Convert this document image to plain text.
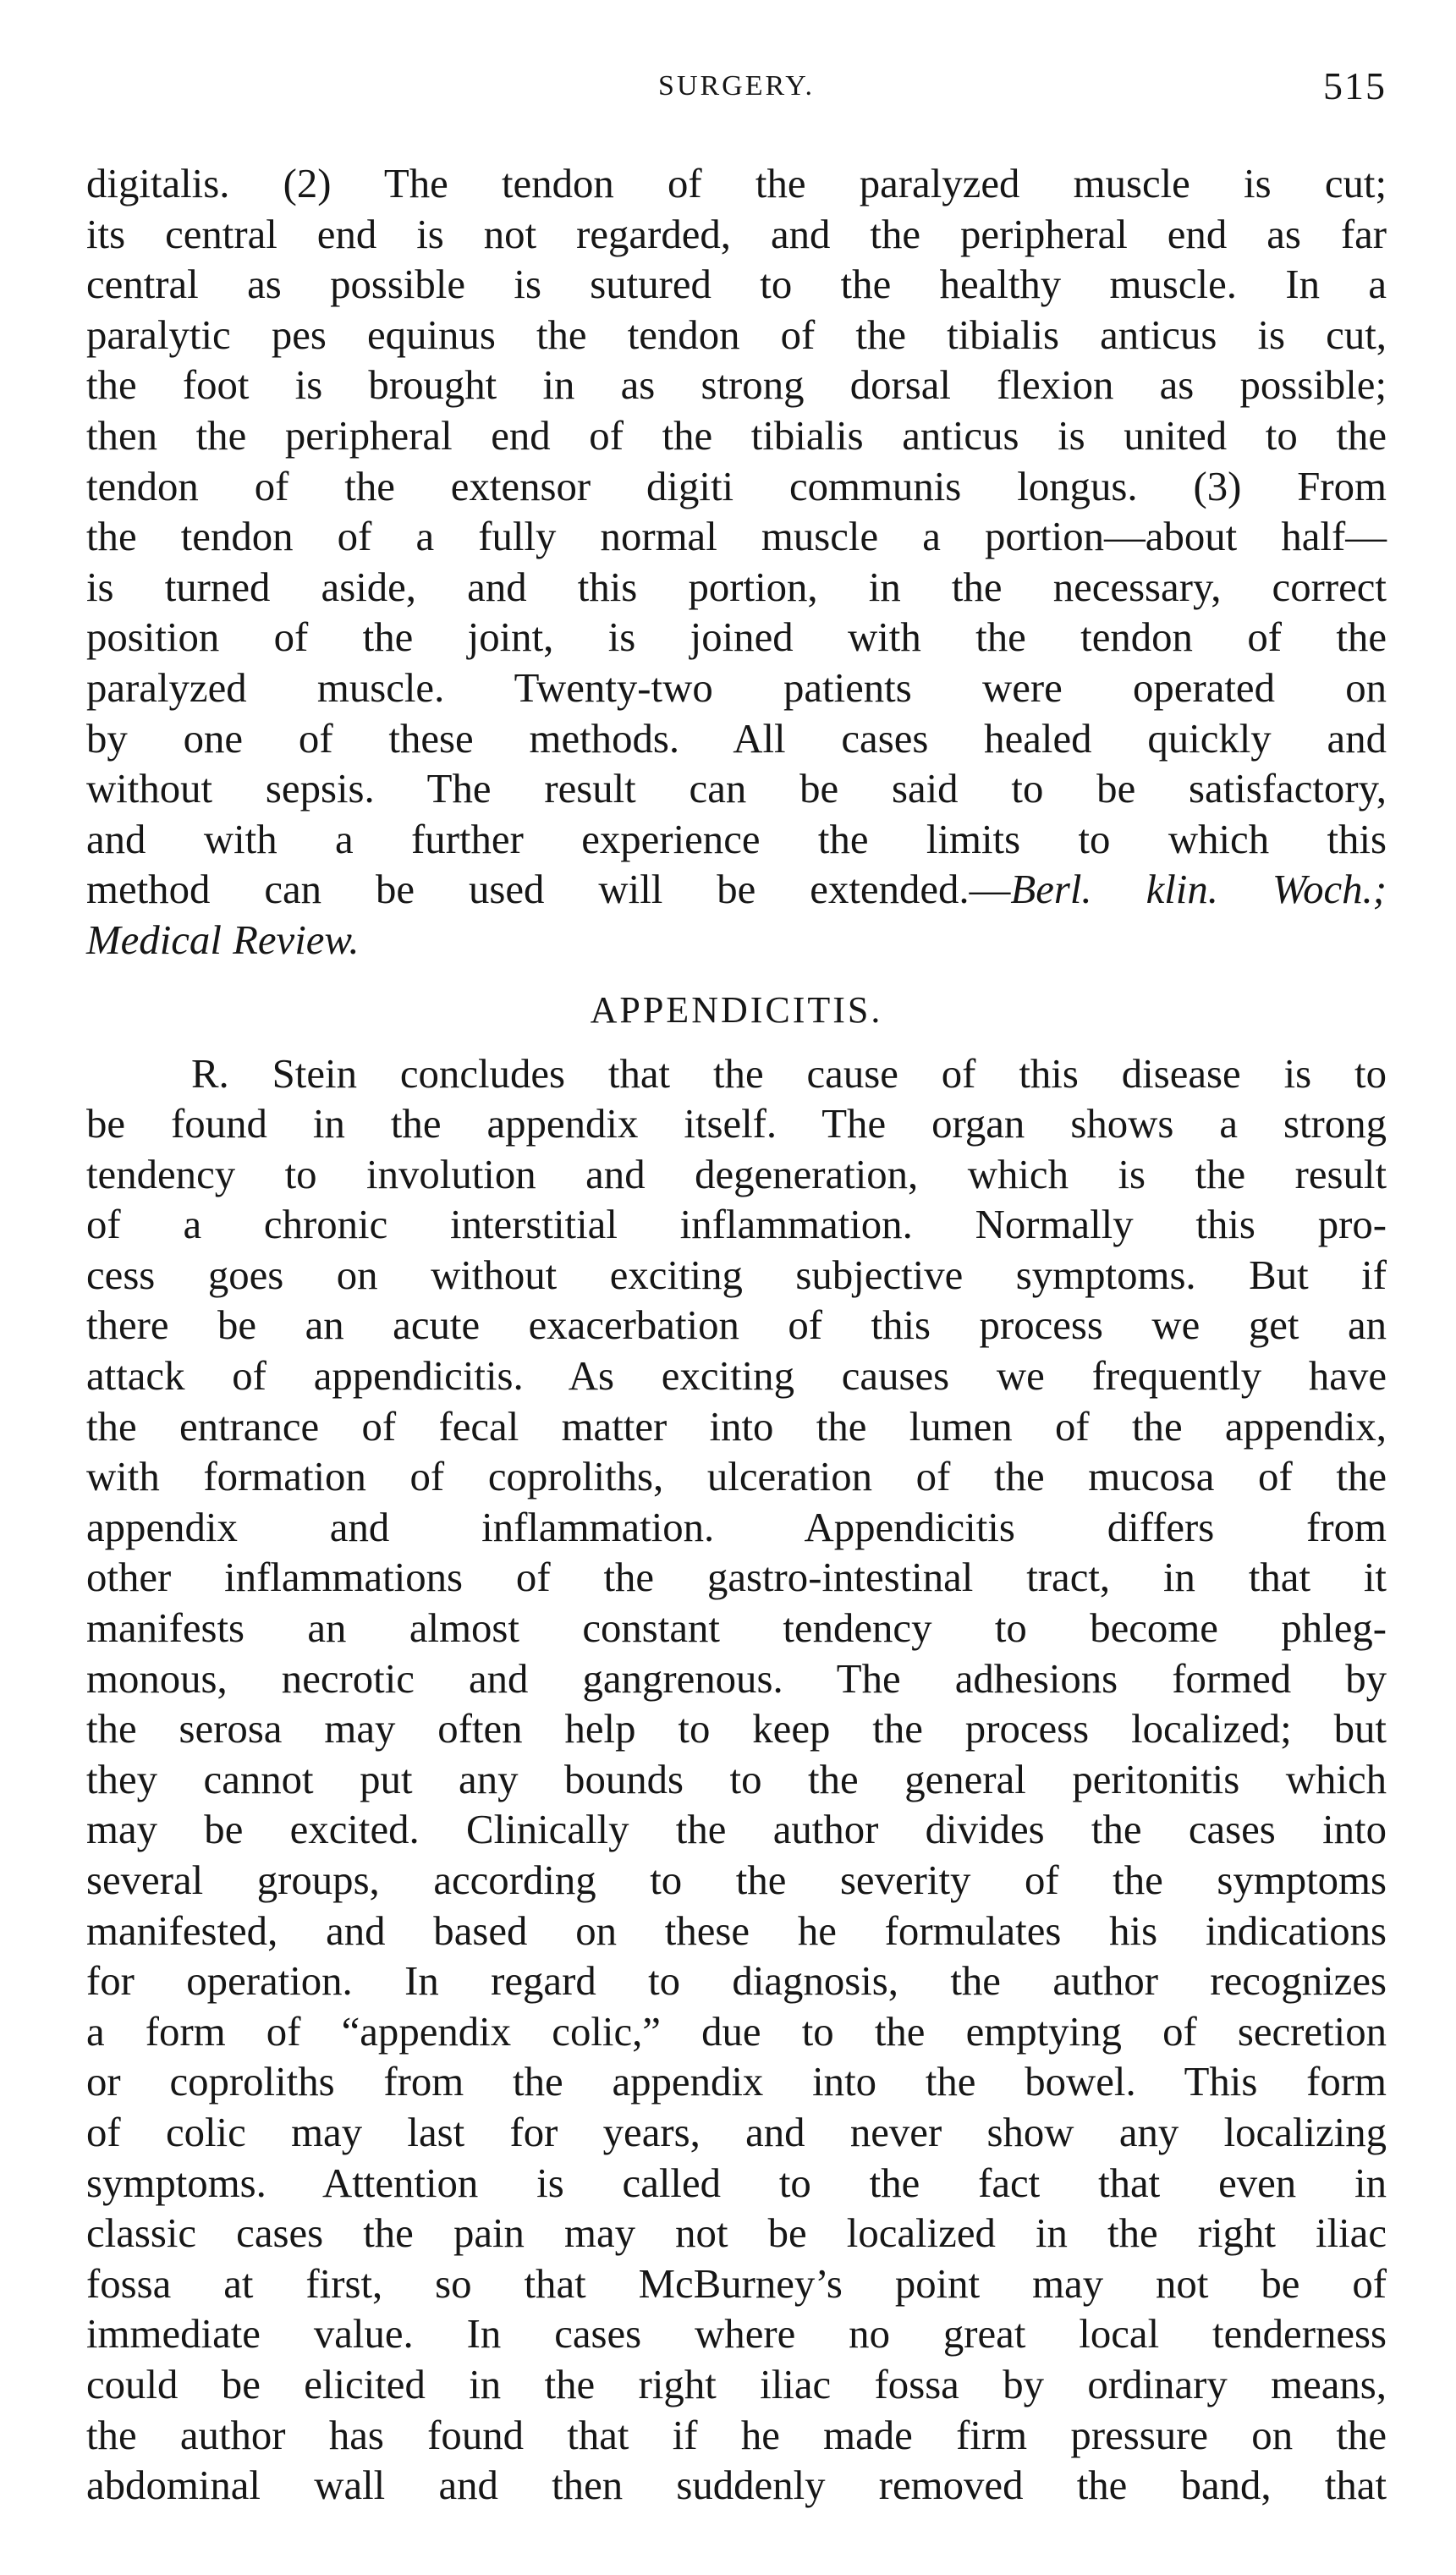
SURGERY.	515
digitalis. (2) The tendon of the paralyzed muscle is cut;
its central end is not regarded, and the peripheral end as far
central as possible is sutured to the healthy muscle. In a
paralytic pes equinus the tendon of the tibialis anticus is cut,
the foot is brought in as strong dorsal flexion as possible;
then the peripheral end of the tibialis anticus is united to the
tendon of the extensor digiti communis longus. (3) From
the tendon of a fully normal muscle a portion—about half—
is turned aside, and this portion, in the necessary, correct
position of the joint, is joined with the tendon of the
paralyzed muscle. Twenty-two patients were operated on
by one of these methods. All cases healed quickly and
without sepsis. The result can be said to be satisfactory,
and with a further experience the limits to which this
method can be used will be extended.—Berl. klin. Woch.;
Medical Review.
APPENDICITIS.
R. Stein concludes that the cause of this disease is to
be found in the appendix itself. The organ shows a strong
tendency to involution and degeneration, which is the result
of a chronic interstitial inflammation. Normally this pro-
cess goes on without exciting subjective symptoms. But if
there be an acute exacerbation of this process we get an
attack of appendicitis. As exciting causes we frequently have
the entrance of fecal matter into the lumen of the appendix,
with formation of coproliths, ulceration of the mucosa of the
appendix and inflammation. Appendicitis differs from
other inflammations of the gastro-intestinal tract, in that it
manifests an almost constant tendency to become phleg-
monous, necrotic and gangrenous. The adhesions formed by
the serosa may often help to keep the process localized; but
they cannot put any bounds to the general peritonitis which
may be excited. Clinically the author divides the cases into
several groups, according to the severity of the symptoms
manifested, and based on these he formulates his indications
for operation. In regard to diagnosis, the author recognizes
a form of “appendix colic,” due to the emptying of secretion
or coproliths from the appendix into the bowel. This form
of colic may last for years, and never show any localizing
symptoms. Attention is called to the fact that even in
classic cases the pain may not be localized in the right iliac
fossa at first, so that McBurney’s point may not be of
immediate value. In cases where no great local tenderness
could be elicited in the right iliac fossa by ordinary means,
the author has found that if he made firm pressure on the
abdominal wall and then suddenly removed the band, that
